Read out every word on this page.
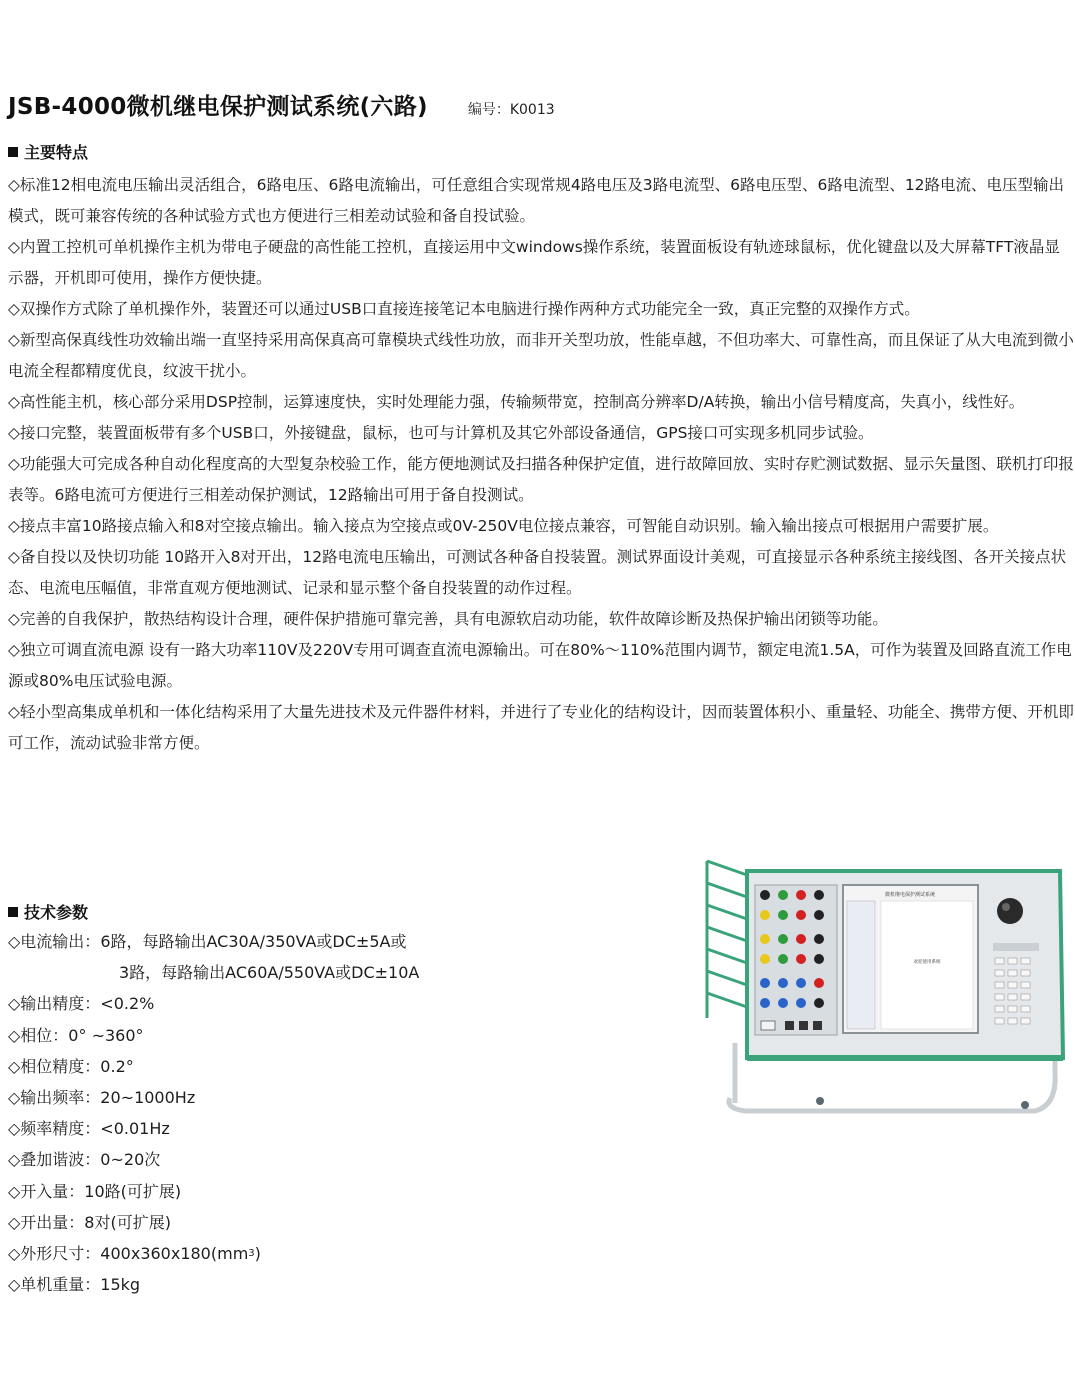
JSB-4000微机继电保护测试系统(六路)	编号：K0013
主要特点

◇标准12相电流电压输出灵活组合，6路电压、6路电流输出，可任意组合实现常规4路电压及3路电流型、6路电压型、6路电流型、12路电流、电压型输出模式，既可兼容传统的各种试验方式也方便进行三相差动试验和备自投试验。

◇内置工控机可单机操作主机为带电子硬盘的高性能工控机，直接运用中文windows操作系统，装置面板设有轨迹球鼠标，优化键盘以及大屏幕TFT液晶显示器，开机即可使用，操作方便快捷。

◇双操作方式除了单机操作外，装置还可以通过USB口直接连接笔记本电脑进行操作两种方式功能完全一致，真正完整的双操作方式。

◇新型高保真线性功效输出端一直坚持采用高保真高可靠模块式线性功放，而非开关型功放，性能卓越，不但功率大、可靠性高，而且保证了从大电流到微小电流全程都精度优良，纹波干扰小。

◇高性能主机，核心部分采用DSP控制，运算速度快，实时处理能力强，传输频带宽，控制高分辨率D/A转换，输出小信号精度高，失真小，线性好。

◇接口完整，装置面板带有多个USB口，外接键盘，鼠标，也可与计算机及其它外部设备通信，GPS接口可实现多机同步试验。

◇功能强大可完成各种自动化程度高的大型复杂校验工作，能方便地测试及扫描各种保护定值，进行故障回放、实时存贮测试数据、显示矢量图、联机打印报表等。6路电流可方便进行三相差动保护测试，12路输出可用于备自投测试。

◇接点丰富10路接点输入和8对空接点输出。输入接点为空接点或0V-250V电位接点兼容，可智能自动识别。输入输出接点可根据用户需要扩展。

◇备自投以及快切功能 10路开入8对开出，12路电流电压输出，可测试各种备自投装置。测试界面设计美观，可直接显示各种系统主接线图、各开关接点状态、电流电压幅值，非常直观方便地测试、记录和显示整个备自投装置的动作过程。

◇完善的自我保护，散热结构设计合理，硬件保护措施可靠完善，具有电源软启动功能，软件故障诊断及热保护输出闭锁等功能。

◇独立可调直流电源 设有一路大功率110V及220V专用可调查直流电源输出。可在80%～110%范围内调节，额定电流1.5A，可作为装置及回路直流工作电源或80%电压试验电源。

◇轻小型高集成单机和一体化结构采用了大量先进技术及元件器件材料，并进行了专业化的结构设计，因而装置体积小、重量轻、功能全、携带方便、开机即可工作，流动试验非常方便。

技术参数
◇电流输出： 6路，每路输出AC30A/350VA或DC±5A或
3路，每路输出AC60A/550VA或DC±10A
◇输出精度：<0.2%
◇相位：0° ~360°
◇相位精度：0.2°
◇输出频率：20~1000Hz
◇频率精度：<0.01Hz
◇叠加谐波：0~20次
◇开入量：10路(可扩展)
◇开出量：8对(可扩展)
◇外形尺寸：400x360x180(mm 3 )
◇单机重量：15kg
微机继电保护测试系统
欢迎使用系统
